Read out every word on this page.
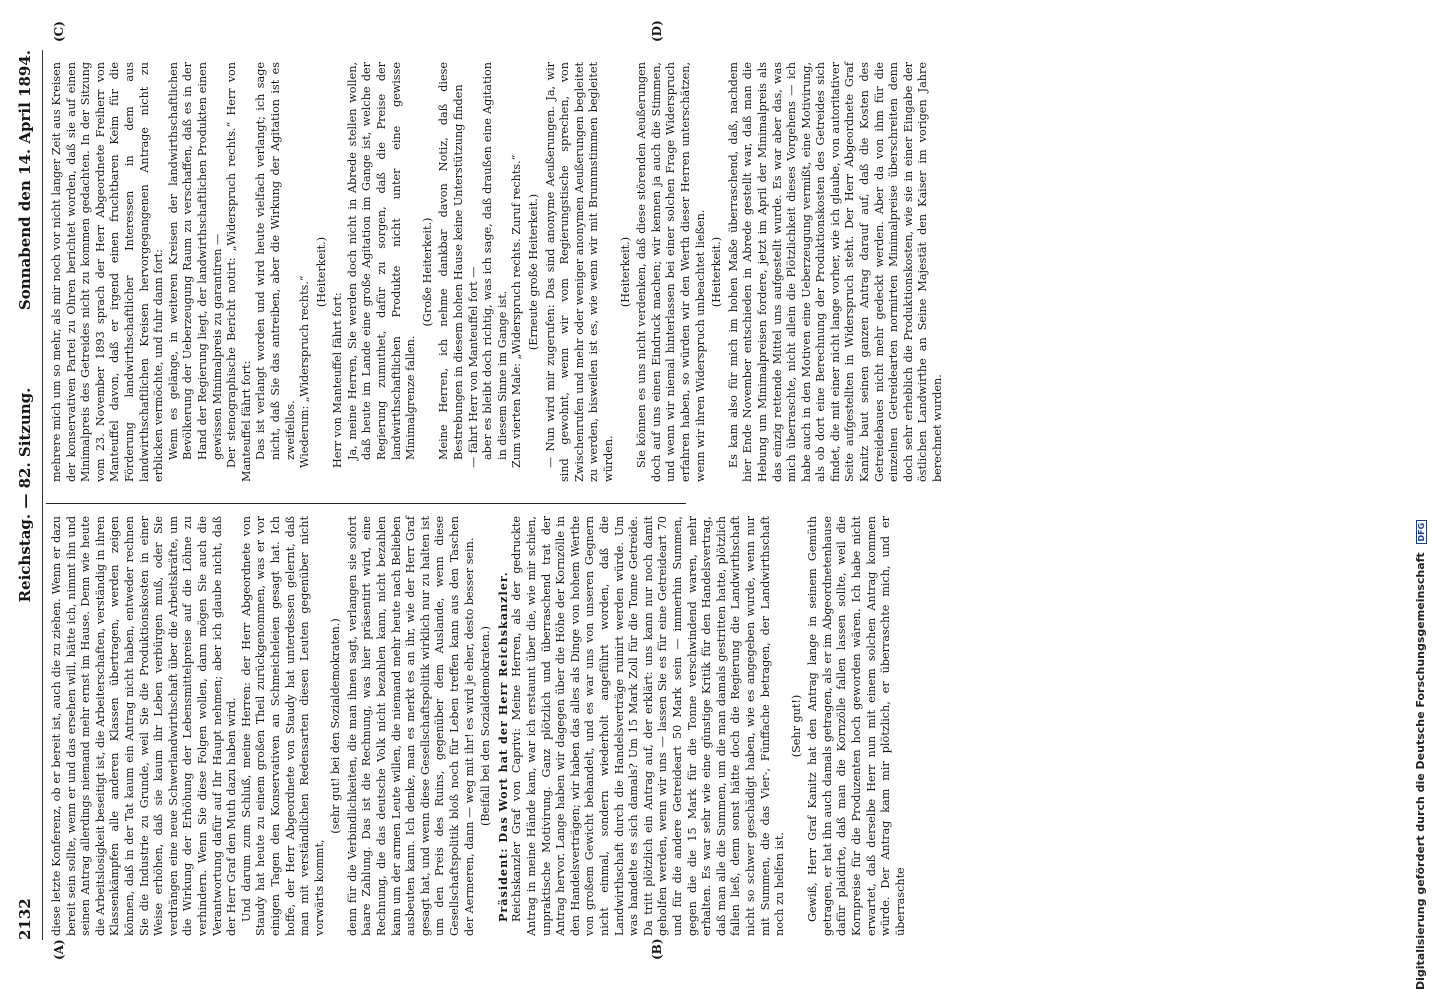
Digitalisierung gefördert durch die Deutsche Forschungsgemeinschaft DFG
2132
Reichstag. — 82. Sitzung.
Sonnabend den 14. April 1894.
(A)	(B)
(C)	(D)

diese letzte Konferenz, ob er bereit ist, auch die zu ziehen. Wenn er dazu bereit sein sollte, wenn er und das ersehen will, hätte ich, nimmt ihn und seinen Antrag allerdings niemand mehr ernst im Hause. Denn wie heute die Arbeitslosigkeit beseitigt ist, die Arbeiterschaften, verständig in ihren Klassenkämpfen alle anderen Klassen übertragen, werden zeigen können, daß in der Tat kaum ein Antrag nicht haben, entweder rechnen Sie die Industrie zu Grunde, weil Sie die Produktionskosten in einer Weise erhöhen, daß sie kaum ihr Leben verbürgen muß, oder Sie verdrängen eine neue Schwerlandwirthschaft über die Arbeitskräfte, um die Wirkung der Erhöhung der Lebensmittelpreise auf die Löhne zu verhindern. Wenn Sie diese Folgen wollen, dann mögen Sie auch die Verantwortung dafür auf Ihr Haupt nehmen; aber ich glaube nicht, daß der Herr Graf den Muth dazu haben wird. Und darum zum Schluß, meine Herren: der Herr Abgeordnete von Staudy hat heute zu einem großen Theil zurückgenommen, was er vor einigen Tagen den Konservativen an Schmeicheleien gesagt hat. Ich hoffe, der Herr Abgeordnete von Staudy hat unterdessen gelernt, daß man mit verständlichen Redensarten diesen Leuten gegenüber nicht vorwärts kommt,

(sehr gut! bei den Sozialdemokraten.) denn für die Verbindlichkeiten, die man ihnen sagt, verlangen sie sofort baare Zahlung. Das ist die Rechnung, was hier präsentirt wird, eine Rechnung, die das deutsche Volk nicht bezahlen kann, nicht bezahlen kann um der armen Leute willen, die niemand mehr heute nach Belieben ausbeuten kann. Ich denke, man es merkt es an ihr, wie der Herr Graf gesagt hat, und wenn diese Gesellschaftspolitik wirklich nur zu halten ist um den Preis des Ruins, gegenüber dem Auslande, wenn diese Gesellschaftspolitik bloß noch für Leben treffen kann aus den Taschen der Aermeren, dann — weg mit ihr! es wird je eher, desto besser sein. (Beifall bei den Sozialdemokraten.) Präsident: Das Wort hat der Herr Reichskanzler. Reichskanzler Graf von Caprivi: Meine Herren, als der gedruckte Antrag in meine Hände kam, war ich erstaunt über die, wie mir schien, unpraktische Motivirung. Ganz plötzlich und überraschend trat der Antrag hervor. Lange haben wir dagegen über die Höhe der Kornzölle in den Handelsverträgen; wir haben das alles als Dinge von hohem Werthe von großem Gewicht behandelt, und es war uns von unseren Gegnern nicht einmal, sondern wiederholt angeführt worden, daß die Landwirthschaft durch die Handelsverträge ruinirt werden würde. Um was handelte es sich damals? Um 15 Mark Zoll für die Tonne Getreide. Da tritt plötzlich ein Antrag auf, der erklärt: uns kann nur noch damit geholfen werden, wenn wir uns — lassen Sie es für eine Getreideart 70 und für die andere Getreideart 50 Mark sein — immerhin Summen, gegen die die 15 Mark für die Tonne verschwindend waren, mehr erhalten. Es war sehr wie eine günstige Kritik für den Handelsvertrag, daß man alle die Summen, um die man damals gestritten hatte, plötzlich fallen ließ, denn sonst hätte doch die Regierung die Landwirthschaft nicht so schwer geschädigt haben, wie es angegeben wurde, wenn nur mit Summen, die das Vier-, Fünffache betragen, der Landwirthschaft noch zu helfen ist.

(Sehr gut!) Gewiß, Herr Graf Kanitz hat den Antrag lange in seinem Gemüth getragen, er hat ihn auch damals getragen, als er im Abgeordnetenhause dafür plaidirte, daß man die Kornzölle fallen lassen sollte, weil die Kornpreise für die Produzenten hoch geworden wären. Ich habe nicht erwartet, daß derselbe Herr nun mit einem solchen Antrag kommen würde. Der Antrag kam mir plötzlich, er überraschte mich, und er überraschte

mehrere mich um so mehr, als mir noch vor nicht langer Zeit aus Kreisen der konservativen Partei zu Ohren berichtet worden, daß sie auf einen Minimalpreis des Getreides nicht zu kommen gedachten. In der Sitzung vom 23. November 1893 sprach der Herr Abgeordnete Freiherr von Manteuffel davon, daß er irgend einen fruchtbaren Keim für die Förderung landwirthschaftlicher Interessen in dem aus landwirthschaftlichen Kreisen hervorgegangenen Antrage nicht zu erblicken vermöchte, und fuhr dann fort: Wenn es gelänge, in weiteren Kreisen der landwirthschaftlichen Bevölkerung der Ueberzeugung Raum zu verschaffen, daß es in der Hand der Regierung liegt, der landwirthschaftlichen Produkten einen gewissen Minimalpreis zu garantiren — Der stenographische Bericht notirt: „Widerspruch rechts.“ Herr von Manteuffel fährt fort: Das ist verlangt worden und wird heute vielfach verlangt; ich sage nicht, daß Sie das antreiben, aber die Wirkung der Agitation ist es zweifellos. Wiederum: „Widerspruch rechts.“

(Heiterkeit.)

Herr von Manteuffel fährt fort: Ja, meine Herren, Sie werden doch nicht in Abrede stellen wollen, daß heute im Lande eine große Agitation im Gange ist, welche der Regierung zumuthet, dafür zu sorgen, daß die Preise der landwirthschaftlichen Produkte nicht unter eine gewisse Minimalgrenze fallen.

(Große Heiterkeit.) Meine Herren, ich nehme dankbar davon Notiz, daß diese Bestrebungen in diesem hohen Hause keine Unterstützung finden — fährt Herr von Manteuffel fort — aber es bleibt doch richtig, was ich sage, daß draußen eine Agitation in diesem Sinne im Gange ist. Zum vierten Male: „Widerspruch rechts. Zuruf rechts.“ (Erneute große Heiterkeit.) — Nun wird mir zugerufen: Das sind anonyme Aeußerungen. Ja, wir sind gewohnt, wenn wir vom Regierungstische sprechen, von Zwischenrufen und mehr oder weniger anonymen Aeußerungen begleitet zu werden, bisweilen ist es, wie wenn wir mit Brummstimmen begleitet würden.

(Heiterkeit.) Sie können es uns nicht verdenken, daß diese störenden Aeußerungen doch auf uns einen Eindruck machen; wir kennen ja auch die Stimmen, und wenn wir niemal hinterlassen bei einer solchen Frage Widerspruch erfahren haben, so würden wir den Werth dieser Herren unterschätzen, wenn wir ihren Widerspruch unbeachtet ließen. (Heiterkeit.) Es kam also für mich im hohen Maße überraschend, daß, nachdem hier Ende November entschieden in Abrede gestellt war, daß man die Hebung um Minimalpreisen fordere, jetzt im April der Minimalpreis als das einzig rettende Mittel uns aufgestellt wurde. Es war aber das, was mich überraschte, nicht allein die Plötzlichkeit dieses Vorgehens — ich habe auch in den Motiven eine Ueberzeugung vermißt, eine Motivirung, als ob dort eine Berechnung der Produktionskosten des Getreides sich findet, die mit einer nicht lange vorher, wie ich glaube, von autoritativer Seite aufgestellten in Widerspruch steht. Der Herr Abgeordnete Graf Kanitz baut seinen ganzen Antrag darauf auf, daß die Kosten des Getreidebaues nicht mehr gedeckt werden. Aber da von ihm für die einzelnen Getreidearten normirten Minimalpreise überschreiten denn doch sehr erheblich die Produktionskosten, wie sie in einer Eingabe der östlichen Landwirthe an Seine Majestät den Kaiser im vorigen Jahre berechnet wurden.
